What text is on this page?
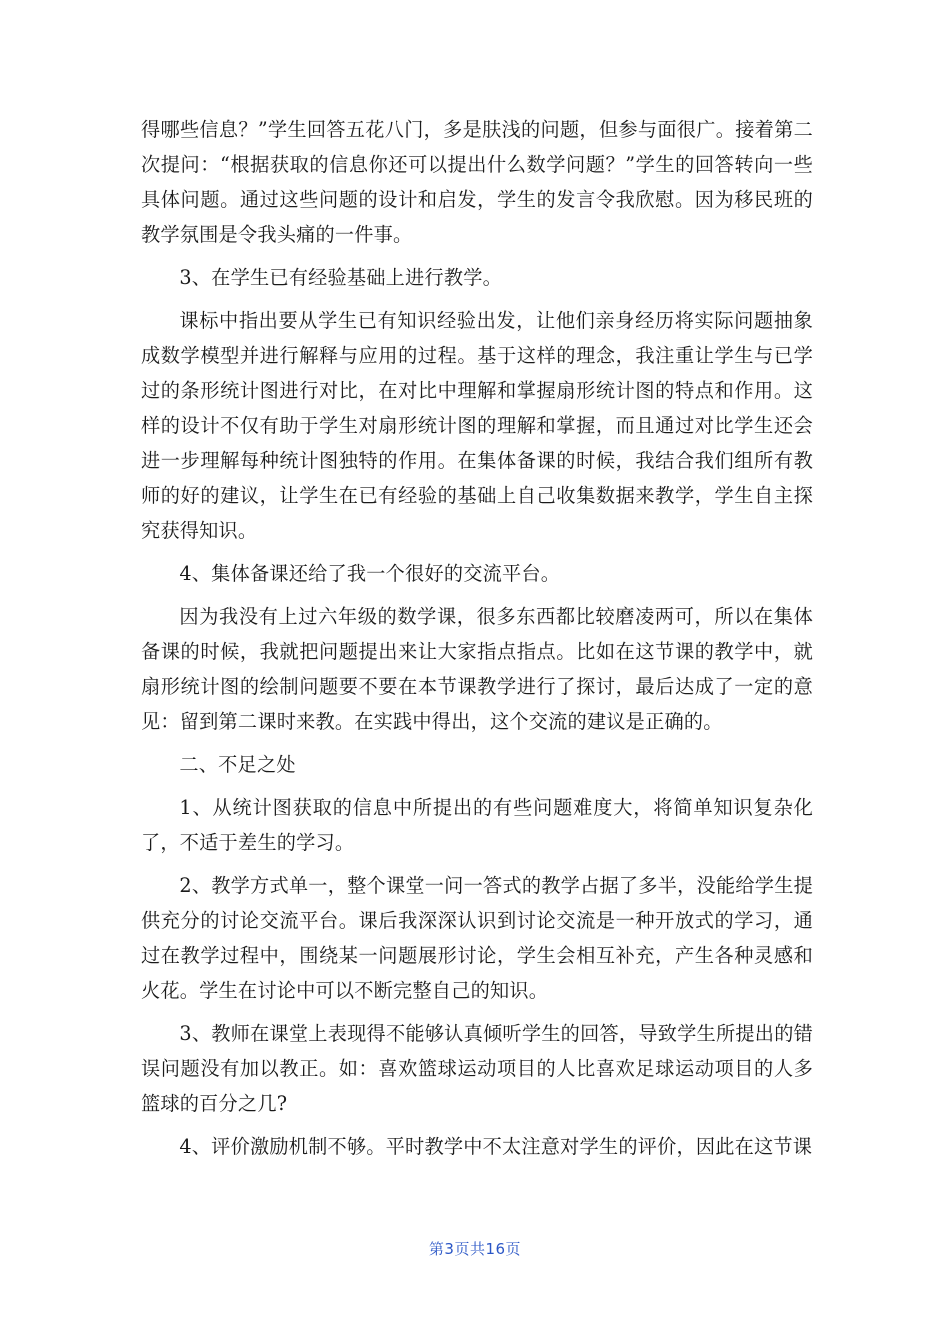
得哪些信息？”学生回答五花八门，多是肤浅的问题，但参与面很广。接着第二次提问：“根据获取的信息你还可以提出什么数学问题？”学生的回答转向一些具体问题。通过这些问题的设计和启发，学生的发言令我欣慰。因为移民班的教学氛围是令我头痛的一件事。

3、在学生已有经验基础上进行教学。

课标中指出要从学生已有知识经验出发，让他们亲身经历将实际问题抽象成数学模型并进行解释与应用的过程。基于这样的理念，我注重让学生与已学过的条形统计图进行对比，在对比中理解和掌握扇形统计图的特点和作用。这样的设计不仅有助于学生对扇形统计图的理解和掌握，而且通过对比学生还会进一步理解每种统计图独特的作用。在集体备课的时候，我结合我们组所有教师的好的建议，让学生在已有经验的基础上自己收集数据来教学，学生自主探究获得知识。

4、集体备课还给了我一个很好的交流平台。

因为我没有上过六年级的数学课，很多东西都比较磨凌两可，所以在集体备课的时候，我就把问题提出来让大家指点指点。比如在这节课的教学中，就扇形统计图的绘制问题要不要在本节课教学进行了探讨，最后达成了一定的意见：留到第二课时来教。在实践中得出，这个交流的建议是正确的。

二、不足之处

1、从统计图获取的信息中所提出的有些问题难度大，将简单知识复杂化了，不适于差生的学习。

2、教学方式单一，整个课堂一问一答式的教学占据了多半，没能给学生提供充分的讨论交流平台。课后我深深认识到讨论交流是一种开放式的学习，通过在教学过程中，围绕某一问题展形讨论，学生会相互补充，产生各种灵感和火花。学生在讨论中可以不断完整自己的知识。

3、教师在课堂上表现得不能够认真倾听学生的回答，导致学生所提出的错误问题没有加以教正。如：喜欢篮球运动项目的人比喜欢足球运动项目的人多篮球的百分之几?

4、评价激励机制不够。平时教学中不太注意对学生的评价，因此在这节课

第3页共16页
